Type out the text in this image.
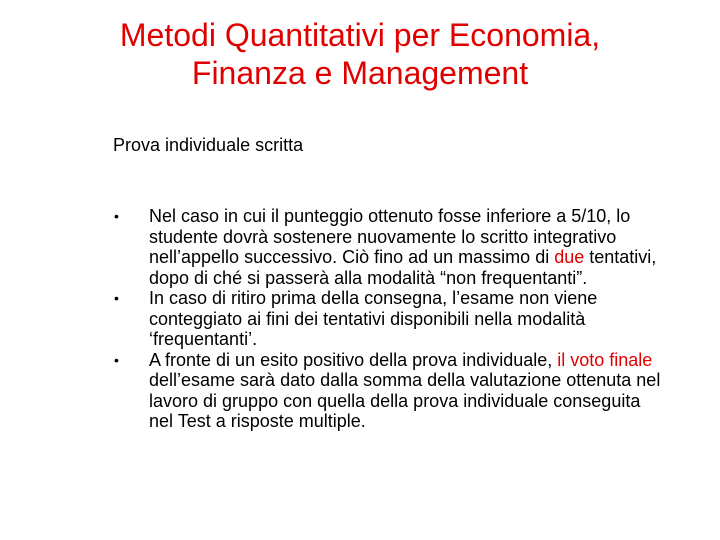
Metodi Quantitativi per Economia,
Finanza e Management
Prova individuale scritta
• Nel caso in cui il punteggio ottenuto fosse inferiore a 5/10, lo studente dovrà sostenere nuovamente lo scritto integrativo nell’appello successivo. Ciò fino ad un massimo di due tentativi, dopo di ché si passerà alla modalità “non frequentanti”.
• In caso di ritiro prima della consegna, l’esame non viene conteggiato ai fini dei tentativi disponibili nella modalità ‘frequentanti’.
• A fronte di un esito positivo della prova individuale, il voto finale dell’esame sarà dato dalla somma della valutazione ottenuta nel lavoro di gruppo con quella della prova individuale conseguita nel Test a risposte multiple.
